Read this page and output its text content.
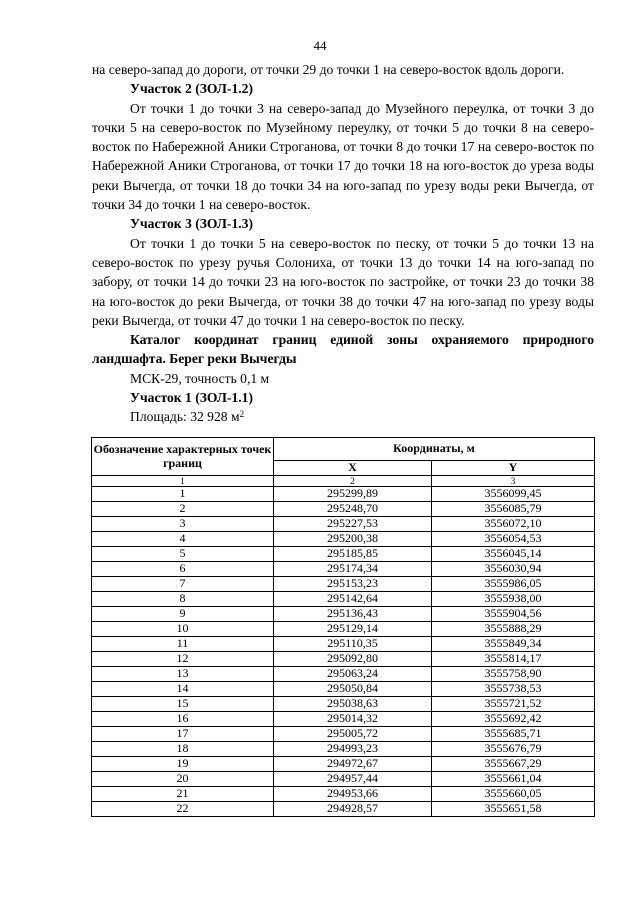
44

на северо-запад до дороги, от точки 29 до точки 1 на северо-восток вдоль дороги.

Участок 2 (ЗОЛ-1.2)

От точки 1 до точки 3 на северо-запад до Музейного переулка, от точки 3 до точки 5 на северо-восток по Музейному переулку, от точки 5 до точки 8 на северо-восток по Набережной Аники Строганова, от точки 8 до точки 17 на северо-восток по Набережной Аники Строганова, от точки 17 до точки 18 на юго-восток до уреза воды реки Вычегда, от точки 18 до точки 34 на юго-запад по урезу воды реки Вычегда, от точки 34 до точки 1 на северо-восток.

Участок 3 (ЗОЛ-1.3)

От точки 1 до точки 5 на северо-восток по песку, от точки 5 до точки 13 на северо-восток по урезу ручья Солониха, от точки 13 до точки 14 на юго-запад по забору, от точки 14 до точки 23 на юго-восток по застройке, от точки 23 до точки 38 на юго-восток до реки Вычегда, от точки 38 до точки 47 на юго-запад по урезу воды реки Вычегда, от точки 47 до точки 1 на северо-восток по песку.

Каталог координат границ единой зоны охраняемого природного ландшафта. Берег реки Вычегды

МСК-29, точность 0,1 м

Участок 1 (ЗОЛ-1.1)

Площадь: 32 928 $м^2$

Обозначение характерных точек границ	Координаты, м	
	X	Y
1	2	3
1	295299,89	3556099,45
2	295248,70	3556085,79
3	295227,53	3556072,10
4	295200,38	3556054,53
5	295185,85	3556045,14
6	295174,34	3556030,94
7	295153,23	3555986,05
8	295142,64	3555938,00
9	295136,43	3555904,56
10	295129,14	3555888,29
11	295110,35	3555849,34
12	295092,80	3555814,17
13	295063,24	3555758,90
14	295050,84	3555738,53
15	295038,63	3555721,52
16	295014,32	3555692,42
17	295005,72	3555685,71
18	294993,23	3555676,79
19	294972,67	3555667,29
20	294957,44	3555661,04
21	294953,66	3555660,05
22	294928,57	3555651,58
